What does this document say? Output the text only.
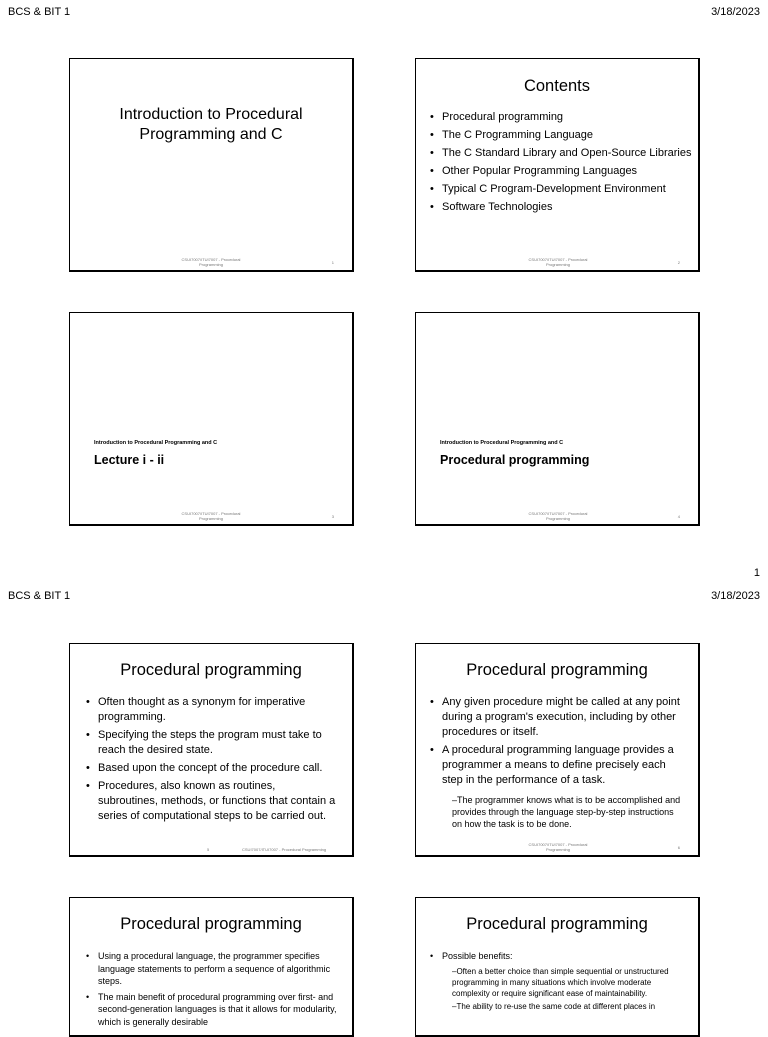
BCS & BIT 1	3/18/2023
Introduction to Procedural Programming and C
CSUI7007/ITUI7007 - Procedural Programming	1
Contents
• Procedural programming
• The C Programming Language
• The C Standard Library and Open-Source Libraries
• Other Popular Programming Languages
• Typical C Program-Development Environment
• Software Technologies
CSUI7007/ITUI7007 - Procedural Programming	2
Introduction to Procedural Programming and C
Lecture i - ii
CSUI7007/ITUI7007 - Procedural Programming	3
Introduction to Procedural Programming and C
Procedural programming
CSUI7007/ITUI7007 - Procedural Programming	4
1
BCS & BIT 1	3/18/2023
Procedural programming
• Often thought as a synonym for imperative programming.
• Specifying the steps the program must take to reach the desired state.
• Based upon the concept of the procedure call.
• Procedures, also known as routines, subroutines, methods, or functions that contain a series of computational steps to be carried out.
5	CSUI7007/ITUI7007 - Procedural Programming
Procedural programming
• Any given procedure might be called at any point during a program's execution, including by other procedures or itself.
• A procedural programming language provides a programmer a means to define precisely each step in the performance of a task.
– The programmer knows what is to be accomplished and provides through the language step-by-step instructions on how the task is to be done.
CSUI7007/ITUI7007 - Procedural Programming	6
Procedural programming
• Using a procedural language, the programmer specifies language statements to perform a sequence of algorithmic steps.
• The main benefit of procedural programming over first- and second-generation languages is that it allows for modularity, which is generally desirable
Procedural programming
• Possible benefits:
– Often a better choice than simple sequential or unstructured programming in many situations which involve moderate complexity or require significant ease of maintainability.
– The ability to re-use the same code at different places in
